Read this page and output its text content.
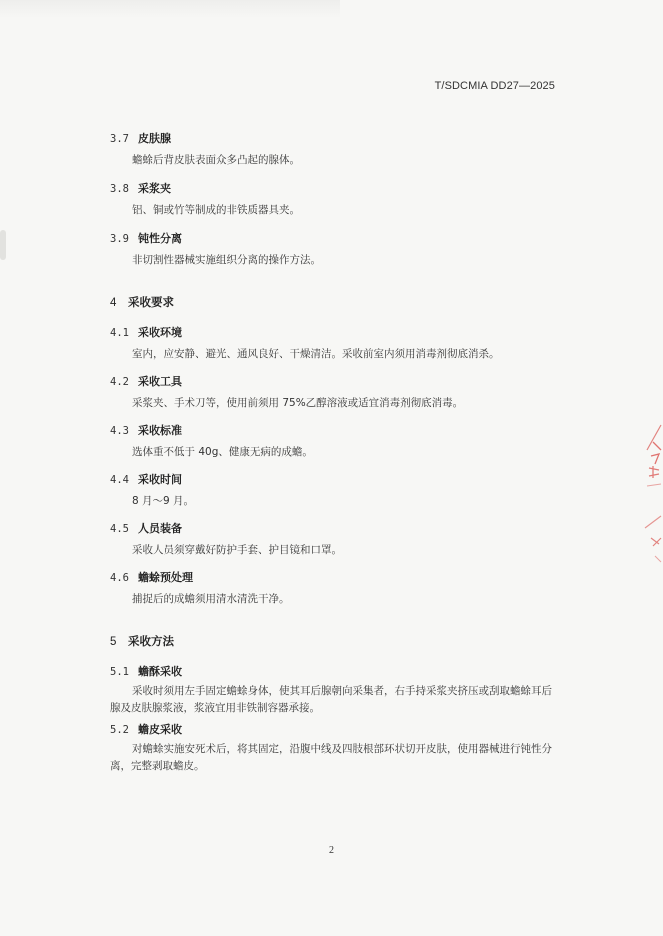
T/SDCMIA DD27—2025
3.7 皮肤腺
蟾蜍后背皮肤表面众多凸起的腺体。
3.8 采浆夹
铝、铜或竹等制成的非铁质器具夹。
3.9 钝性分离
非切割性器械实施组织分离的操作方法。
4 采收要求
4.1 采收环境
室内，应安静、避光、通风良好、干燥清洁。采收前室内须用消毒剂彻底消杀。
4.2 采收工具
采浆夹、手术刀等，使用前须用 75%乙醇溶液或适宜消毒剂彻底消毒。
4.3 采收标准
选体重不低于 40g、健康无病的成蟾。
4.4 采收时间
8 月～9 月。
4.5 人员装备
采收人员须穿戴好防护手套、护目镜和口罩。
4.6 蟾蜍预处理
捕捉后的成蟾须用清水清洗干净。
5 采收方法
5.1 蟾酥采收
采收时须用左手固定蟾蜍身体，使其耳后腺朝向采集者，右手持采浆夹挤压或刮取蟾蜍耳后腺及皮肤腺浆液，浆液宜用非铁制容器承接。
5.2 蟾皮采收
对蟾蜍实施安死术后，将其固定，沿腹中线及四肢根部环状切开皮肤，使用器械进行钝性分离，完整剥取蟾皮。
2
